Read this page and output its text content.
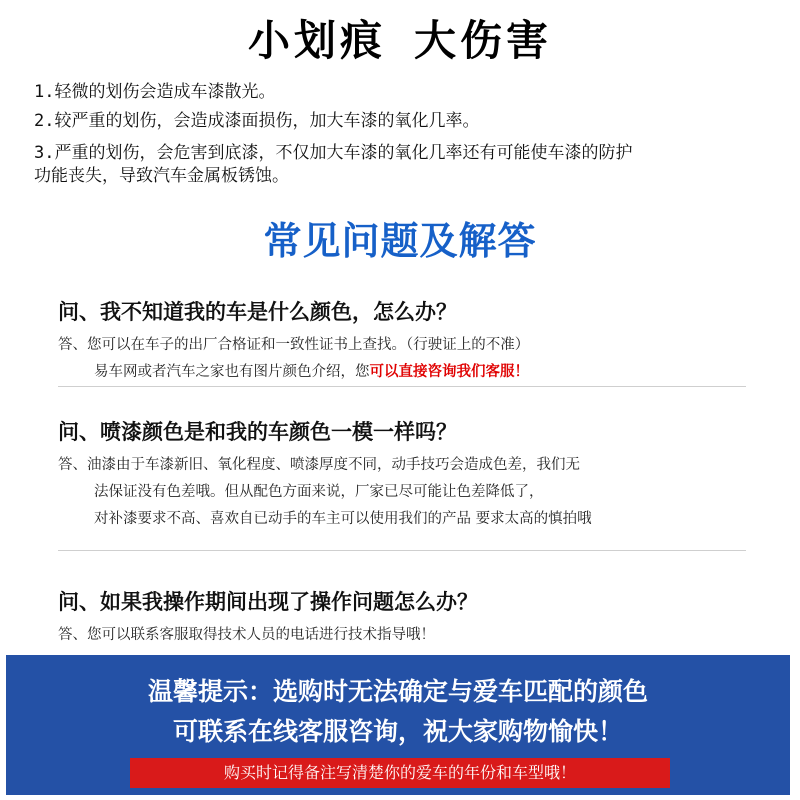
小划痕 大伤害
1.轻微的划伤会造成车漆散光。
2.较严重的划伤，会造成漆面损伤，加大车漆的氧化几率。
3.严重的划伤，会危害到底漆，不仅加大车漆的氧化几率还有可能使车漆的防护
功能丧失，导致汽车金属板锈蚀。
常见问题及解答
问、我不知道我的车是什么颜色，怎么办？
答、您可以在车子的出厂合格证和一致性证书上查找。（行驶证上的不准）
易车网或者汽车之家也有图片颜色介绍，您可以直接咨询我们客服！
问、喷漆颜色是和我的车颜色一模一样吗？
答、油漆由于车漆新旧、氧化程度、喷漆厚度不同，动手技巧会造成色差，我们无
法保证没有色差哦。但从配色方面来说，厂家已尽可能让色差降低了，
对补漆要求不高、喜欢自已动手的车主可以使用我们的产品 要求太高的慎拍哦
问、如果我操作期间出现了操作问题怎么办？
答、您可以联系客服取得技术人员的电话进行技术指导哦！
温馨提示：选购时无法确定与爱车匹配的颜色
可联系在线客服咨询，祝大家购物愉快！
购买时记得备注写清楚你的爱车的年份和车型哦！
